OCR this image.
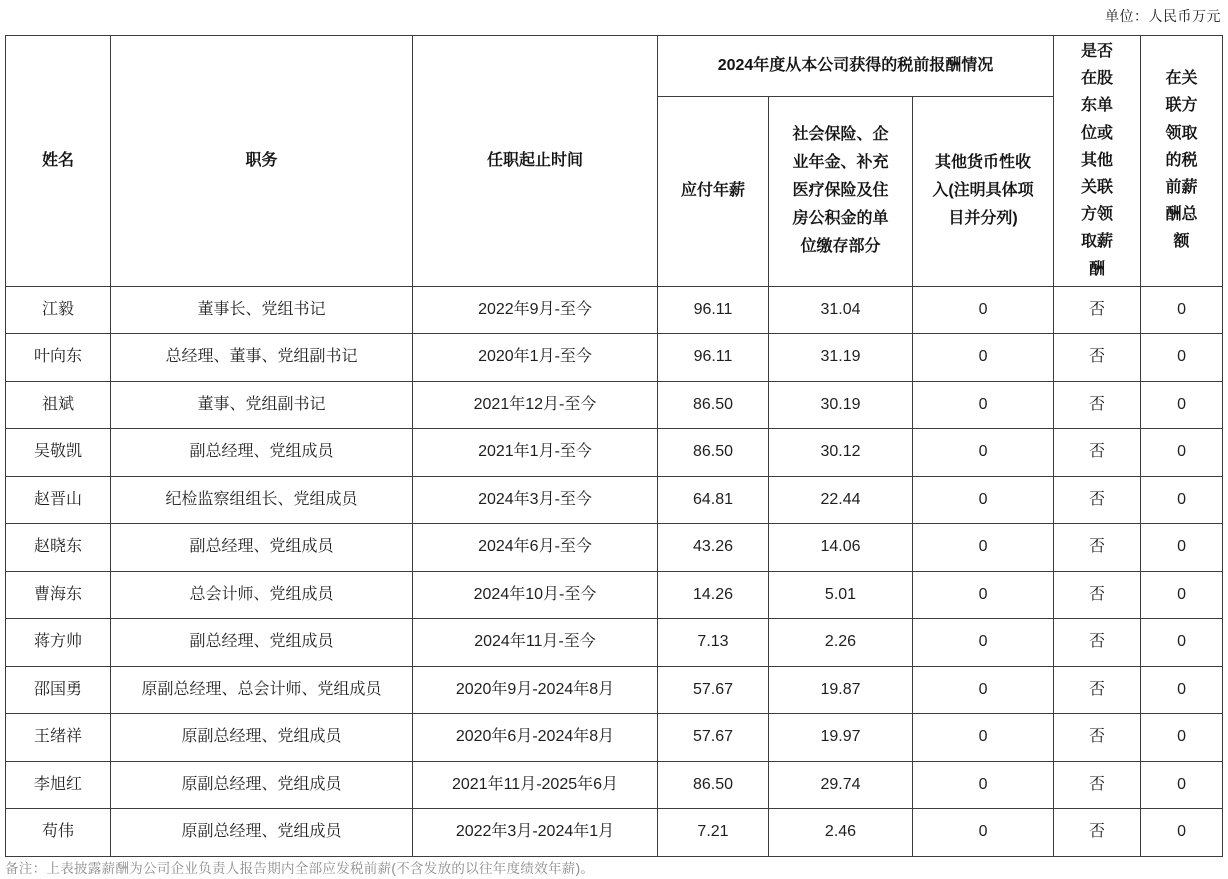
单位：人民币万元
姓名	职务	任职起止时间	2024年度从本公司获得的税前报酬情况			是否在股东单位或其他关联方领取薪酬	在关联方领取的税前薪酬总额
			应付年薪	社会保险、企业年金、补充医疗保险及住房公积金的单位缴存部分	其他货币性收入(注明具体项目并分列)		
江毅	董事长、党组书记	2022年9月-至今	96.11	31.04	0	否	0
叶向东	总经理、董事、党组副书记	2020年1月-至今	96.11	31.19	0	否	0
祖斌	董事、党组副书记	2021年12月-至今	86.50	30.19	0	否	0
吴敬凯	副总经理、党组成员	2021年1月-至今	86.50	30.12	0	否	0
赵晋山	纪检监察组组长、党组成员	2024年3月-至今	64.81	22.44	0	否	0
赵晓东	副总经理、党组成员	2024年6月-至今	43.26	14.06	0	否	0
曹海东	总会计师、党组成员	2024年10月-至今	14.26	5.01	0	否	0
蒋方帅	副总经理、党组成员	2024年11月-至今	7.13	2.26	0	否	0
邵国勇	原副总经理、总会计师、党组成员	2020年9月-2024年8月	57.67	19.87	0	否	0
王绪祥	原副总经理、党组成员	2020年6月-2024年8月	57.67	19.97	0	否	0
李旭红	原副总经理、党组成员	2021年11月-2025年6月	86.50	29.74	0	否	0
苟伟	原副总经理、党组成员	2022年3月-2024年1月	7.21	2.46	0	否	0
备注：上表披露薪酬为公司企业负责人报告期内全部应发税前薪(不含发放的以往年度绩效年薪)。
